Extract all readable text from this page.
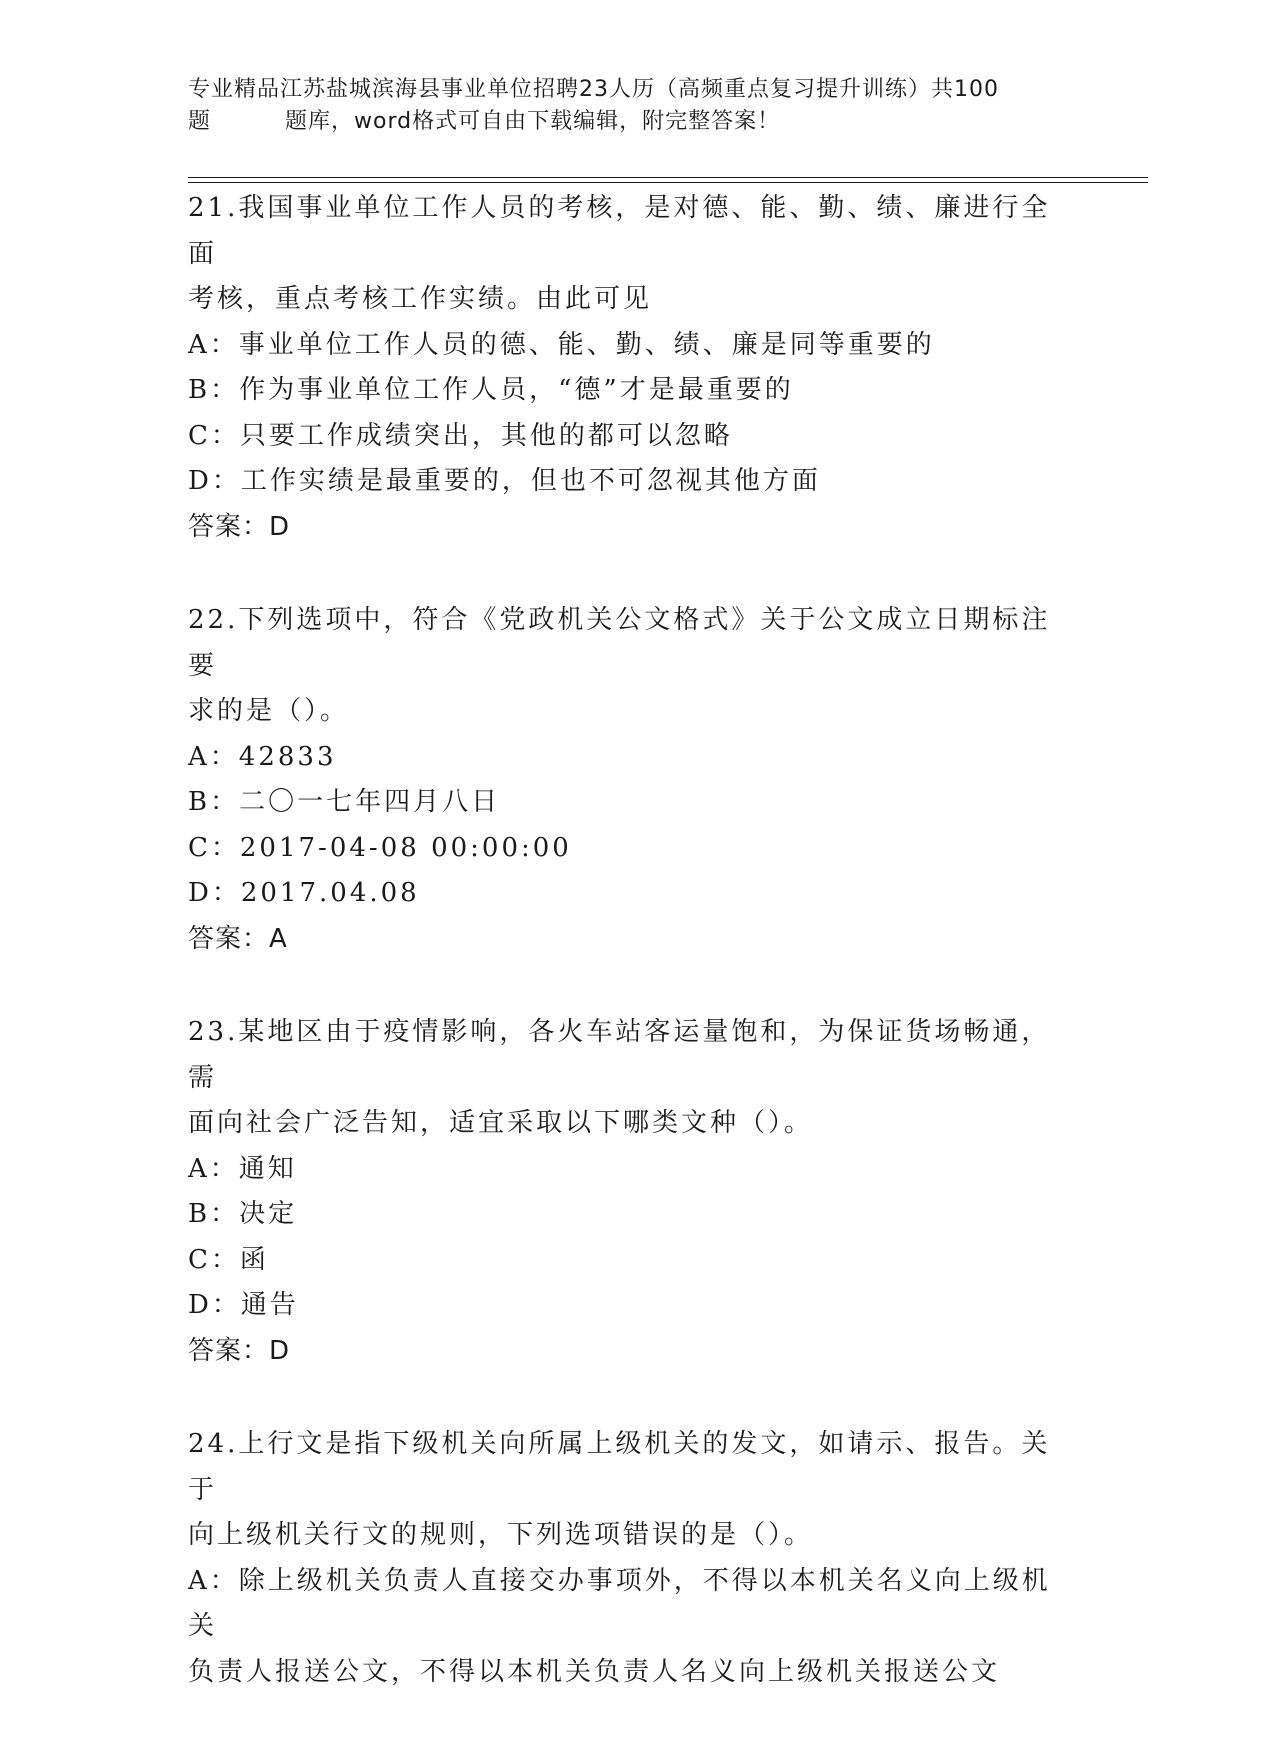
专业精品江苏盐城滨海县事业单位招聘23人历（高频重点复习提升训练）共100
题	题库，word格式可自由下载编辑，附完整答案！
21.我国事业单位工作人员的考核，是对德、能、勤、绩、廉进行全面
考核，重点考核工作实绩。由此可见
A：事业单位工作人员的德、能、勤、绩、廉是同等重要的
B：作为事业单位工作人员，“德”才是最重要的
C：只要工作成绩突出，其他的都可以忽略
D：工作实绩是最重要的，但也不可忽视其他方面
答案：D
22.下列选项中，符合《党政机关公文格式》关于公文成立日期标注要
求的是（）。
A：42833
B：二〇一七年四月八日
C：2017-04-08 00:00:00
D：2017.04.08
答案：A
23.某地区由于疫情影响，各火车站客运量饱和，为保证货场畅通，需
面向社会广泛告知，适宜采取以下哪类文种（）。
A：通知
B：决定
C：函
D：通告
答案：D
24.上行文是指下级机关向所属上级机关的发文，如请示、报告。关于
向上级机关行文的规则，下列选项错误的是（）。
A：除上级机关负责人直接交办事项外，不得以本机关名义向上级机关
负责人报送公文，不得以本机关负责人名义向上级机关报送公文
